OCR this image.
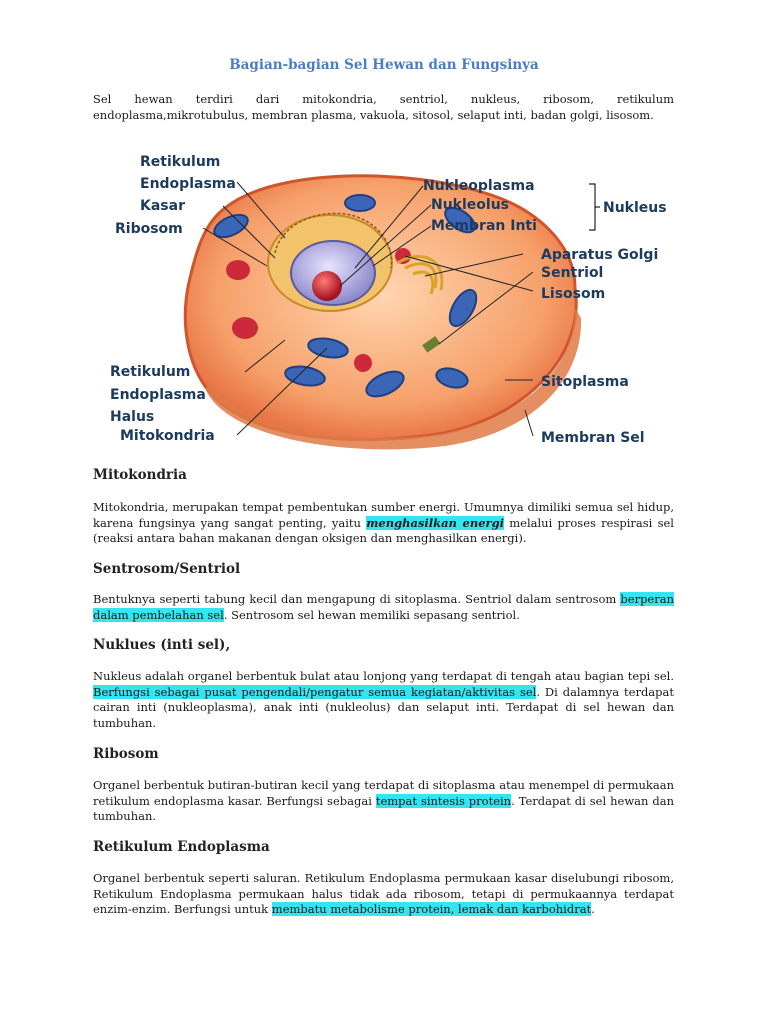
Bagian-bagian Sel Hewan dan Fungsinya

Sel hewan terdiri dari mitokondria, sentriol, nukleus, ribosom, retikulum endoplasma,mikrotubulus, membran plasma, vakuola, sitosol, selaput inti, badan golgi, lisosom.

Retikulum
Endoplasma
Kasar
Ribosom
Nukleoplasma
Nukleolus
Membran Inti
Nukleus
Aparatus Golgi
Sentriol
Lisosom
Retikulum
Endoplasma
Halus
Mitokondria
Sitoplasma
Membran Sel
Mitokondria

Mitokondria, merupakan tempat pembentukan sumber energi. Umumnya dimiliki semua sel hidup, karena fungsinya yang sangat penting, yaitu menghasilkan energi melalui proses respirasi sel (reaksi antara bahan makanan dengan oksigen dan menghasilkan energi).

Sentrosom/Sentriol

Bentuknya seperti tabung kecil dan mengapung di sitoplasma. Sentriol dalam sentrosom berperan dalam pembelahan sel. Sentrosom sel hewan memiliki sepasang sentriol.

Nuklues (inti sel),

Nukleus adalah organel berbentuk bulat atau lonjong yang terdapat di tengah atau bagian tepi sel. Berfungsi sebagai pusat pengendali/pengatur semua kegiatan/aktivitas sel. Di dalamnya terdapat cairan inti (nukleoplasma), anak inti (nukleolus) dan selaput inti. Terdapat di sel hewan dan tumbuhan.

Ribosom

Organel berbentuk butiran-butiran kecil yang terdapat di sitoplasma atau menempel di permukaan retikulum endoplasma kasar. Berfungsi sebagai tempat sintesis protein. Terdapat di sel hewan dan tumbuhan.

Retikulum Endoplasma

Organel berbentuk seperti saluran. Retikulum Endoplasma permukaan kasar diselubungi ribosom, Retikulum Endoplasma permukaan halus tidak ada ribosom, tetapi di permukaannya terdapat enzim-enzim. Berfungsi untuk membatu metabolisme protein, lemak dan karbohidrat.
